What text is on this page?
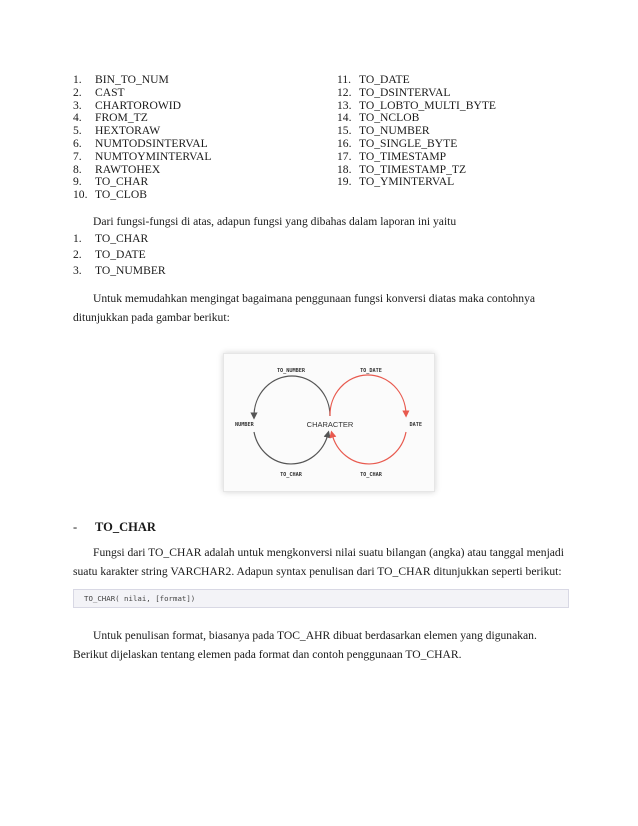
1.	BIN_TO_NUM
2.	CAST
3.	CHARTOROWID
4.	FROM_TZ
5.	HEXTORAW
6.	NUMTODSINTERVAL
7.	NUMTOYMINTERVAL
8.	RAWTOHEX
9.	TO_CHAR
10. TO_CLOB
11. TO_DATE
12. TO_DSINTERVAL
13. TO_LOBTO_MULTI_BYTE
14. TO_NCLOB
15. TO_NUMBER
16. TO_SINGLE_BYTE
17. TO_TIMESTAMP
18. TO_TIMESTAMP_TZ
19. TO_YMINTERVAL
Dari fungsi-fungsi di atas, adapun fungsi yang dibahas dalam laporan ini yaitu
1.	TO_CHAR
2.	TO_DATE
3.	TO_NUMBER
Untuk memudahkan mengingat bagaimana penggunaan fungsi konversi diatas maka contohnya
ditunjukkan pada gambar berikut:
CHARACTER
NUMBER	DATE
TO_NUMBER	TO_DATE
TO_CHAR	TO_CHAR
- TO_CHAR
Fungsi dari TO_CHAR adalah untuk mengkonversi nilai suatu bilangan (angka) atau tanggal menjadi
suatu karakter string VARCHAR2. Adapun syntax penulisan dari TO_CHAR ditunjukkan seperti berikut:
TO_CHAR( nilai, [format])
Untuk penulisan format, biasanya pada TOC_AHR dibuat berdasarkan elemen yang digunakan.
Berikut dijelaskan tentang elemen pada format dan contoh penggunaan TO_CHAR.
